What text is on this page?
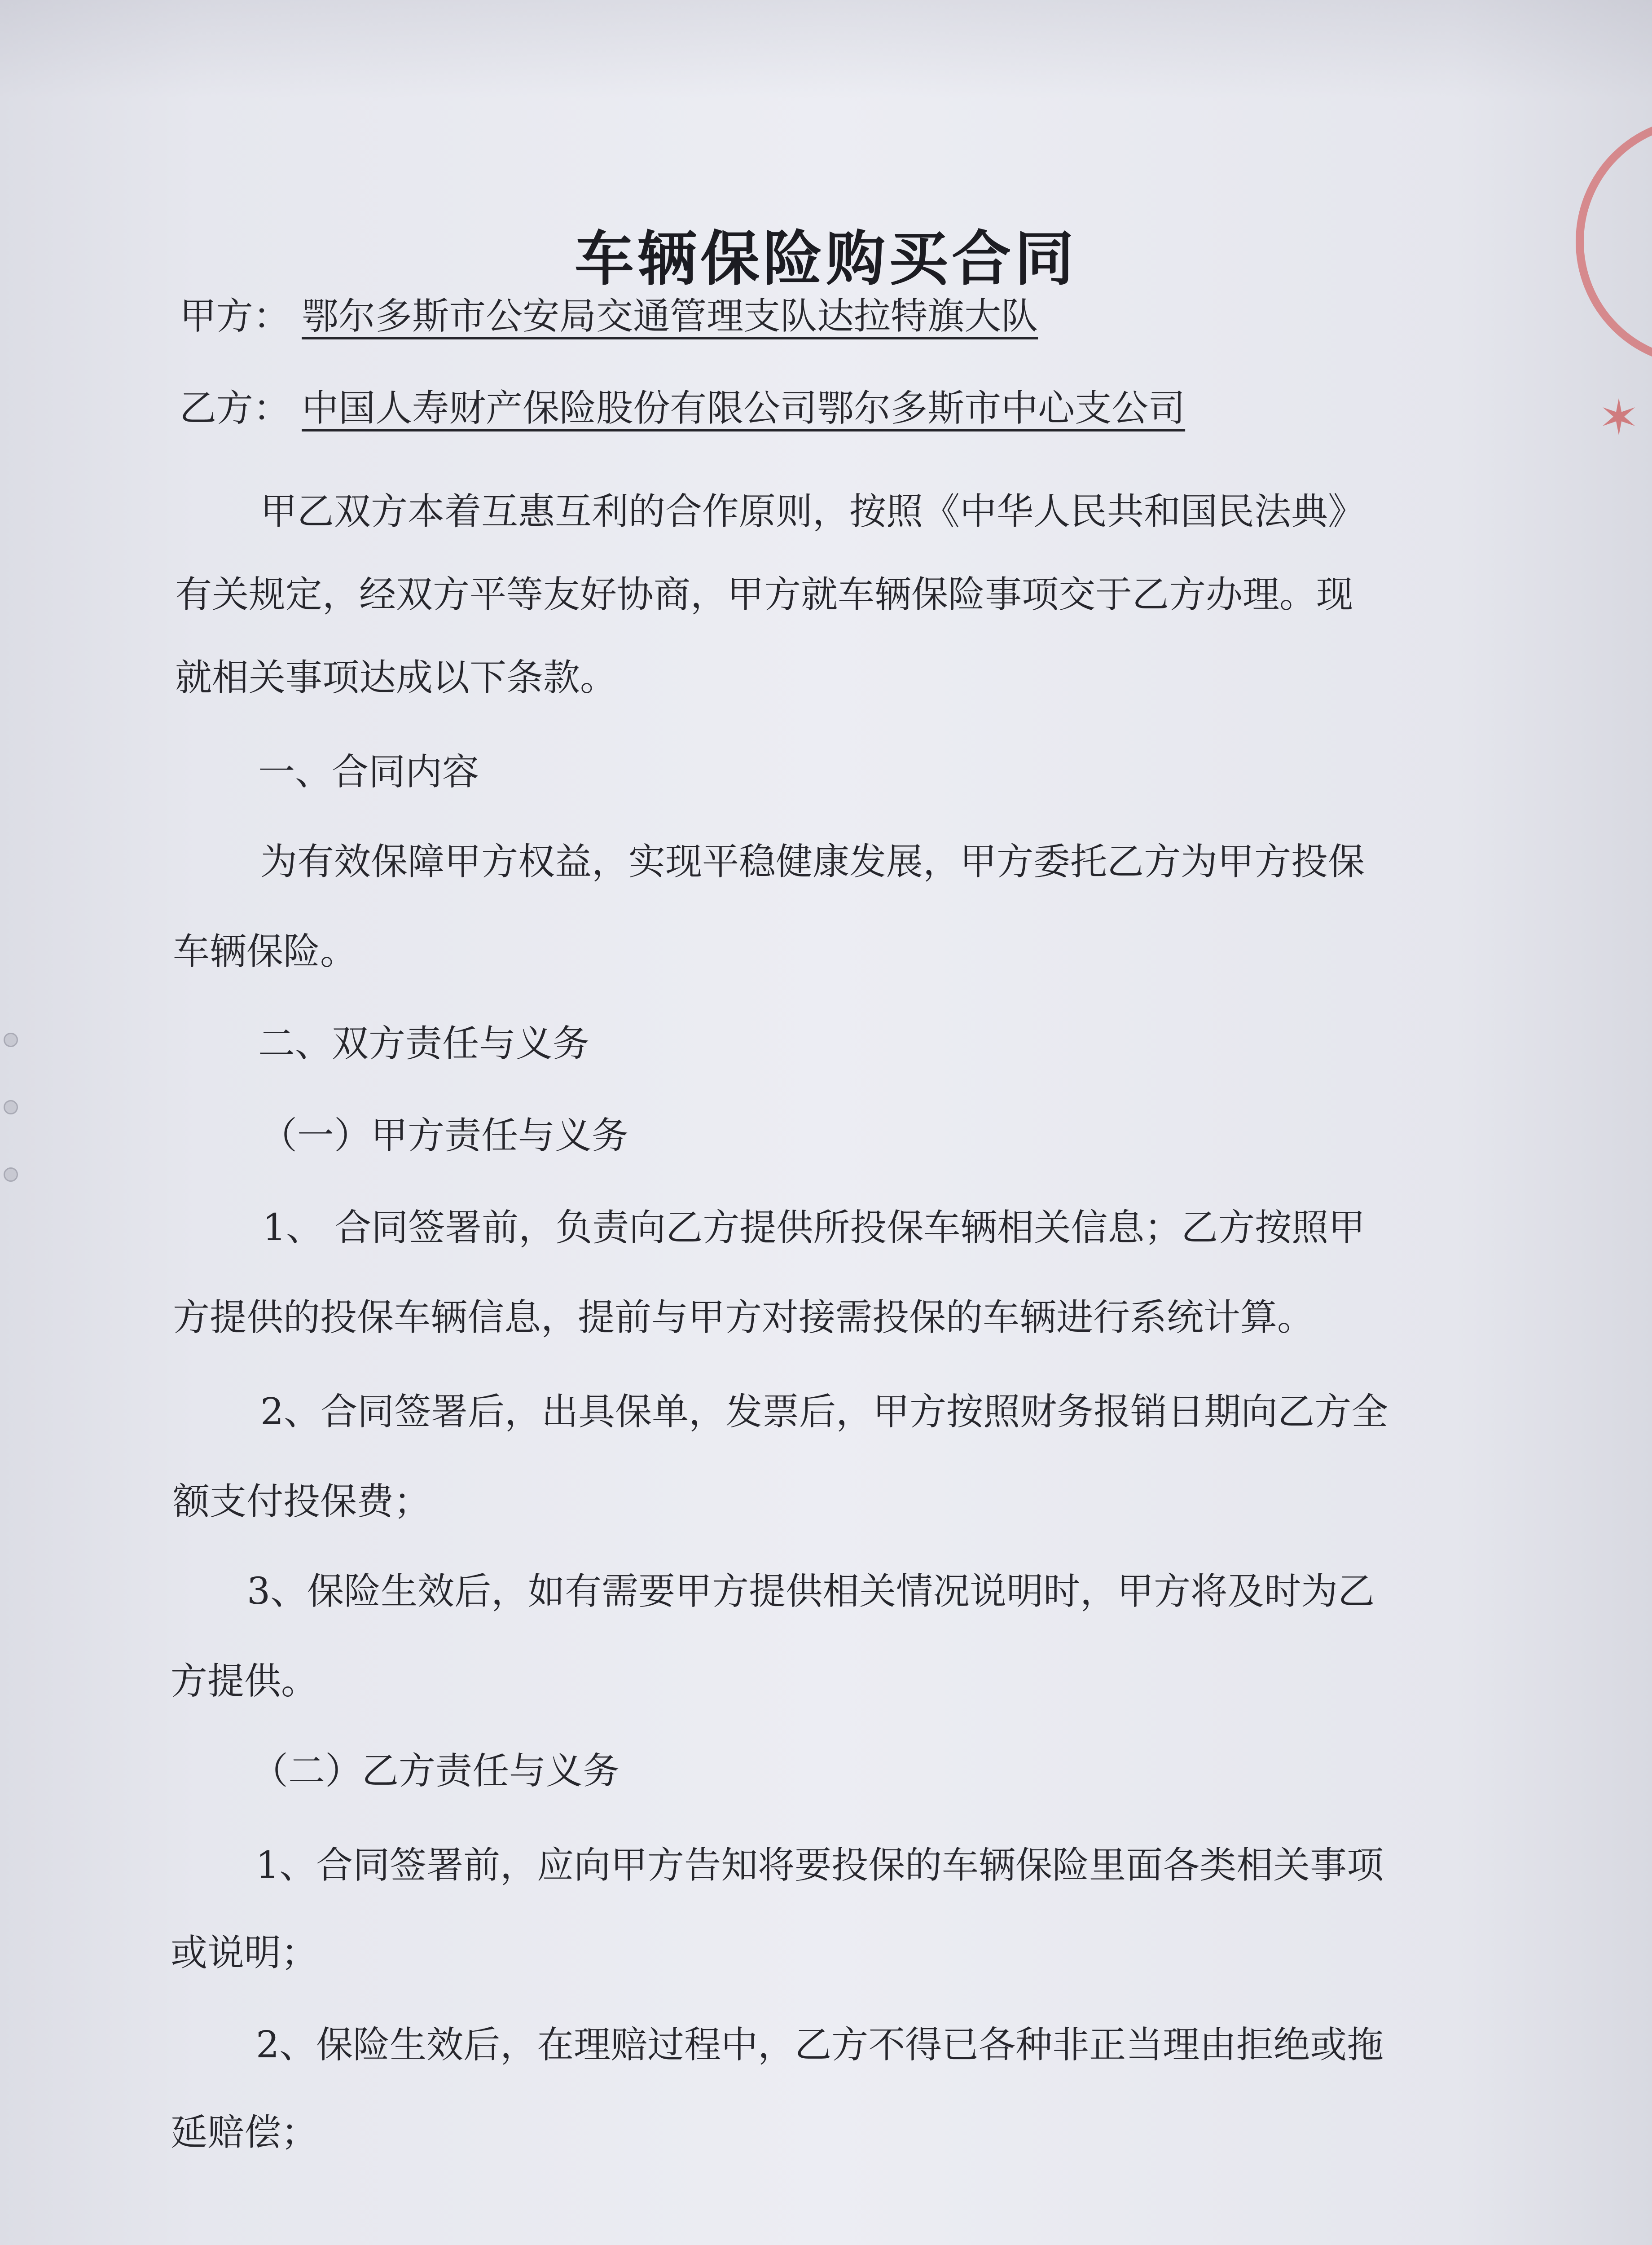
✶
车辆保险购买合同
甲方： 鄂尔多斯市公安局交通管理支队达拉特旗大队
乙方： 中国人寿财产保险股份有限公司鄂尔多斯市中心支公司
甲乙双方本着互惠互利的合作原则，按照《中华人民共和国民法典》
有关规定，经双方平等友好协商，甲方就车辆保险事项交于乙方办理。现
就相关事项达成以下条款。
一、合同内容
为有效保障甲方权益，实现平稳健康发展，甲方委托乙方为甲方投保
车辆保险。
二、双方责任与义务
（一）甲方责任与义务
1、 合同签署前，负责向乙方提供所投保车辆相关信息；乙方按照甲
方提供的投保车辆信息，提前与甲方对接需投保的车辆进行系统计算。
2、合同签署后，出具保单，发票后，甲方按照财务报销日期向乙方全
额支付投保费；
3、保险生效后，如有需要甲方提供相关情况说明时，甲方将及时为乙
方提供。
（二）乙方责任与义务
1、合同签署前，应向甲方告知将要投保的车辆保险里面各类相关事项
或说明；
2、保险生效后，在理赔过程中，乙方不得已各种非正当理由拒绝或拖
延赔偿；
